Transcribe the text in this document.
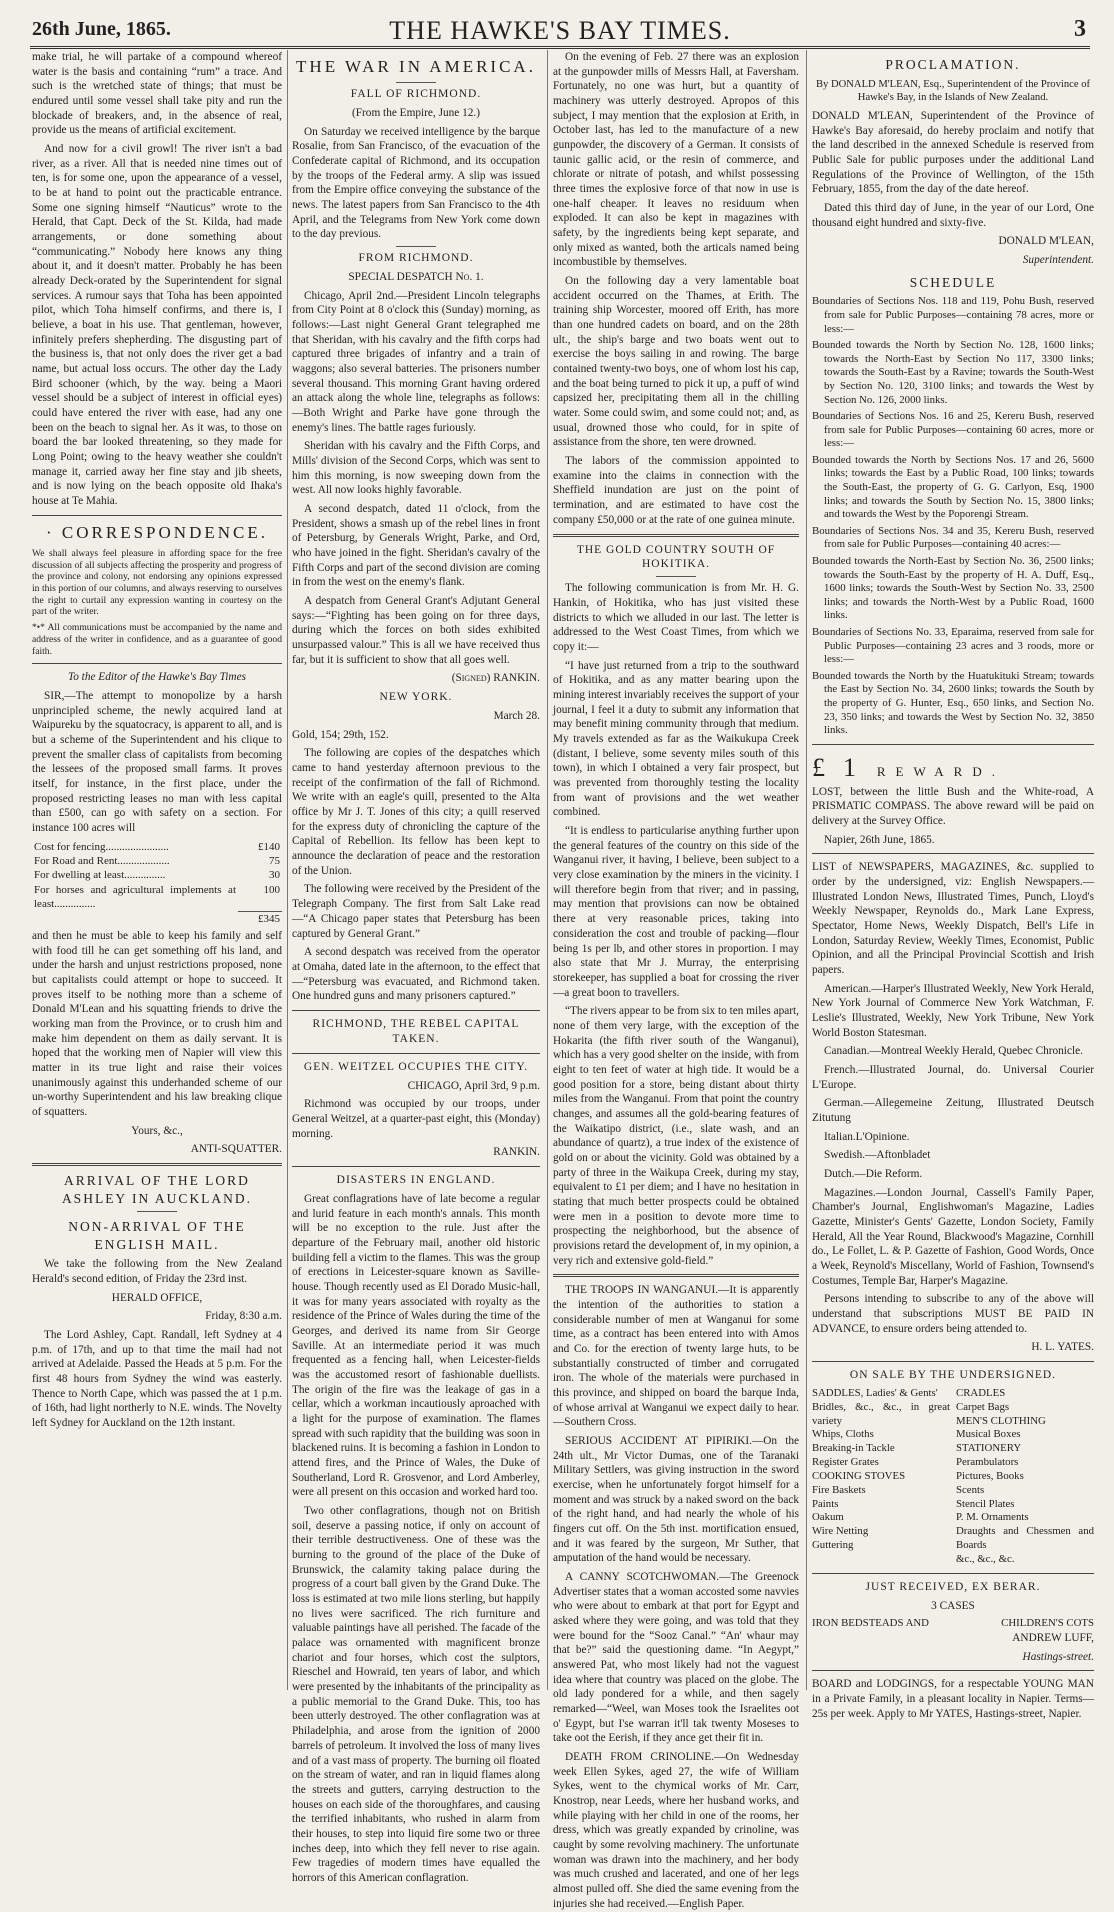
26th June, 1865.	THE HAWKE'S BAY TIMES.	3

make trial, he will partake of a compound whereof water is the basis and containing “rum” a trace. And such is the wretched state of things; that must be endured until some vessel shall take pity and run the blockade of breakers, and, in the absence of real, provide us the means of artificial excitement.

And now for a civil growl! The river isn't a bad river, as a river. All that is needed nine times out of ten, is for some one, upon the appearance of a vessel, to be at hand to point out the practicable entrance. Some one signing himself “Nauticus” wrote to the Herald, that Capt. Deck of the St. Kilda, had made arrangements, or done something about “communicating.” Nobody here knows any thing about it, and it doesn't matter. Probably he has been already Deck-orated by the Superintendent for signal services. A rumour says that Toha has been appointed pilot, which Toha himself confirms, and there is, I believe, a boat in his use. That gentleman, however, infinitely prefers shepherding. The disgusting part of the business is, that not only does the river get a bad name, but actual loss occurs. The other day the Lady Bird schooner (which, by the way. being a Maori vessel should be a subject of interest in official eyes) could have entered the river with ease, had any one been on the beach to signal her. As it was, to those on board the bar looked threatening, so they made for Long Point; owing to the heavy weather she couldn't manage it, carried away her fine stay and jib sheets, and is now lying on the beach opposite old Ihaka's house at Te Mahia.

· CORRESPONDENCE.

We shall always feel pleasure in affording space for the free discussion of all subjects affecting the prosperity and progress of the province and colony, not endorsing any opinions expressed in this portion of our columns, and always reserving to ourselves the right to curtail any expression wanting in courtesy on the part of the writer.

*•* All communications must be accompanied by the name and address of the writer in confidence, and as a guarantee of good faith.

To the Editor of the Hawke's Bay Times

SIR,—The attempt to monopolize by a harsh unprincipled scheme, the newly acquired land at Waipureku by the squatocracy, is apparent to all, and is but a scheme of the Superintendent and his clique to prevent the smaller class of capitalists from becoming the lessees of the proposed small farms. It proves itself, for instance, in the first place, under the proposed restricting leases no man with less capital than £500, can go with safety on a section. For instance 100 acres will

Cost for fencing.......................	£140
For Road and Rent...................	75
For dwelling at least...............	30
For horses and agricultural implements at least...............	100
	£345

and then he must be able to keep his family and self with food till he can get something off his land, and under the harsh and unjust restrictions proposed, none but capitalists could attempt or hope to succeed. It proves itself to be nothing more than a scheme of Donald M'Lean and his squatting friends to drive the working man from the Province, or to crush him and make him dependent on them as daily servant. It is hoped that the working men of Napier will view this matter in its true light and raise their voices unanimously against this underhanded scheme of our un-worthy Superintendent and his law breaking clique of squatters.

Yours, &c.,

ANTI-SQUATTER.

ARRIVAL OF THE LORD ASHLEY IN AUCKLAND.
NON-ARRIVAL OF THE ENGLISH MAIL.

We take the following from the New Zealand Herald's second edition, of Friday the 23rd inst.

HERALD OFFICE,

Friday, 8:30 a.m.

The Lord Ashley, Capt. Randall, left Sydney at 4 p.m. of 17th, and up to that time the mail had not arrived at Adelaide. Passed the Heads at 5 p.m. For the first 48 hours from Sydney the wind was easterly. Thence to North Cape, which was passed the at 1 p.m. of 16th, had light northerly to N.E. winds. The Novelty left Sydney for Auckland on the 12th instant.

THE WAR IN AMERICA.
FALL OF RICHMOND.

(From the Empire, June 12.)

On Saturday we received intelligence by the barque Rosalie, from San Francisco, of the evacuation of the Confederate capital of Richmond, and its occupation by the troops of the Federal army. A slip was issued from the Empire office conveying the substance of the news. The latest papers from San Francisco to the 4th April, and the Telegrams from New York come down to the day previous.

FROM RICHMOND.

SPECIAL DESPATCH No. 1.

Chicago, April 2nd.—President Lincoln telegraphs from City Point at 8 o'clock this (Sunday) morning, as follows:—Last night General Grant telegraphed me that Sheridan, with his cavalry and the fifth corps had captured three brigades of infantry and a train of waggons; also several batteries. The prisoners number several thousand. This morning Grant having ordered an attack along the whole line, telegraphs as follows:—Both Wright and Parke have gone through the enemy's lines. The battle rages furiously.

Sheridan with his cavalry and the Fifth Corps, and Mills' division of the Second Corps, which was sent to him this morning, is now sweeping down from the west. All now looks highly favorable.

A second despatch, dated 11 o'clock, from the President, shows a smash up of the rebel lines in front of Petersburg, by Generals Wright, Parke, and Ord, who have joined in the fight. Sheridan's cavalry of the Fifth Corps and part of the second division are coming in from the west on the enemy's flank.

A despatch from General Grant's Adjutant General says:—“Fighting has been going on for three days, during which the forces on both sides exhibited unsurpassed valour.” This is all we have received thus far, but it is sufficient to show that all goes well.

(Signed) RANKIN.

NEW YORK.

March 28.

Gold, 154; 29th, 152.

The following are copies of the despatches which came to hand yesterday afternoon previous to the receipt of the confirmation of the fall of Richmond. We write with an eagle's quill, presented to the Alta office by Mr J. T. Jones of this city; a quill reserved for the express duty of chronicling the capture of the Capital of Rebellion. Its fellow has been kept to announce the declaration of peace and the restoration of the Union.

The following were received by the President of the Telegraph Company. The first from Salt Lake read—“A Chicago paper states that Petersburg has been captured by General Grant.”

A second despatch was received from the operator at Omaha, dated late in the afternoon, to the effect that—“Petersburg was evacuated, and Richmond taken. One hundred guns and many prisoners captured.”

RICHMOND, THE REBEL CAPITAL TAKEN.
GEN. WEITZEL OCCUPIES THE CITY.

CHICAGO, April 3rd, 9 p.m.

Richmond was occupied by our troops, under General Weitzel, at a quarter-past eight, this (Monday) morning.

RANKIN.

DISASTERS IN ENGLAND.

Great conflagrations have of late become a regular and lurid feature in each month's annals. This month will be no exception to the rule. Just after the departure of the February mail, another old historic building fell a victim to the flames. This was the group of erections in Leicester-square known as Saville-house. Though recently used as El Dorado Music-hall, it was for many years associated with royalty as the residence of the Prince of Wales during the time of the Georges, and derived its name from Sir George Saville. At an intermediate period it was much frequented as a fencing hall, when Leicester-fields was the accustomed resort of fashionable duellists. The origin of the fire was the leakage of gas in a cellar, which a workman incautiously aproached with a light for the purpose of examination. The flames spread with such rapidity that the building was soon in blackened ruins. It is becoming a fashion in London to attend fires, and the Prince of Wales, the Duke of Southerland, Lord R. Grosvenor, and Lord Amberley, were all present on this occasion and worked hard too.

Two other conflagrations, though not on British soil, deserve a passing notice, if only on account of their terrible destructiveness. One of these was the burning to the ground of the place of the Duke of Brunswick, the calamity taking palace during the progress of a court ball given by the Grand Duke. The loss is estimated at two mile lions sterling, but happily no lives were sacrificed. The rich furniture and valuable paintings have all perished. The facade of the palace was ornamented with magnificent bronze chariot and four horses, which cost the sulptors, Rieschel and Howraid, ten years of labor, and which were presented by the inhabitants of the principality as a public memorial to the Grand Duke. This, too has been utterly destroyed. The other conflagration was at Philadelphia, and arose from the ignition of 2000 barrels of petroleum. It involved the loss of many lives and of a vast mass of property. The burning oil floated on the stream of water, and ran in liquid flames along the streets and gutters, carrying destruction to the houses on each side of the thoroughfares, and causing the terrified inhabitants, who rushed in alarm from their houses, to step into liquid fire some two or three inches deep, into which they fell never to rise again. Few tragedies of modern times have equalled the horrors of this American conflagration.

On the evening of Feb. 27 there was an explosion at the gunpowder mills of Messrs Hall, at Faversham. Fortunately, no one was hurt, but a quantity of machinery was utterly destroyed. Apropos of this subject, I may mention that the explosion at Erith, in October last, has led to the manufacture of a new gunpowder, the discovery of a German. It consists of taunic gallic acid, or the resin of commerce, and chlorate or nitrate of potash, and whilst possessing three times the explosive force of that now in use is one-half cheaper. It leaves no residuum when exploded. It can also be kept in magazines with safety, by the ingredients being kept separate, and only mixed as wanted, both the articals named being incombustible by themselves.

On the following day a very lamentable boat accident occurred on the Thames, at Erith. The training ship Worcester, moored off Erith, has more than one hundred cadets on board, and on the 28th ult., the ship's barge and two boats went out to exercise the boys sailing in and rowing. The barge contained twenty-two boys, one of whom lost his cap, and the boat being turned to pick it up, a puff of wind capsized her, precipitating them all in the chilling water. Some could swim, and some could not; and, as usual, drowned those who could, for in spite of assistance from the shore, ten were drowned.

The labors of the commission appointed to examine into the claims in connection with the Sheffield inundation are just on the point of termination, and are estimated to have cost the company £50,000 or at the rate of one guinea minute.

THE GOLD COUNTRY SOUTH OF HOKITIKA.

The following communication is from Mr. H. G. Hankin, of Hokitika, who has just visited these districts to which we alluded in our last. The letter is addressed to the West Coast Times, from which we copy it:—

“I have just returned from a trip to the southward of Hokitika, and as any matter bearing upon the mining interest invariably receives the support of your journal, I feel it a duty to submit any information that may benefit mining community through that medium. My travels extended as far as the Waikukupa Creek (distant, I believe, some seventy miles south of this town), in which I obtained a very fair prospect, but was prevented from thoroughly testing the locality from want of provisions and the wet weather combined.

“It is endless to particularise anything further upon the general features of the country on this side of the Wanganui river, it having, I believe, been subject to a very close examination by the miners in the vicinity. I will therefore begin from that river; and in passing, may mention that provisions can now be obtained there at very reasonable prices, taking into consideration the cost and trouble of packing—flour being 1s per lb, and other stores in proportion. I may also state that Mr J. Murray, the enterprising storekeeper, has supplied a boat for crossing the river—a great boon to travellers.

“The rivers appear to be from six to ten miles apart, none of them very large, with the exception of the Hokarita (the fifth river south of the Wanganui), which has a very good shelter on the inside, with from eight to ten feet of water at high tide. It would be a good position for a store, being distant about thirty miles from the Wanganui. From that point the country changes, and assumes all the gold-bearing features of the Waikatipo district, (i.e., slate wash, and an abundance of quartz), a true index of the existence of gold on or about the vicinity. Gold was obtained by a party of three in the Waikupa Creek, during my stay, equivalent to £1 per diem; and I have no hesitation in stating that much better prospects could be obtained were men in a position to devote more time to prospecting the neighborhood, but the absence of provisions retard the development of, in my opinion, a very rich and extensive gold-field.”

THE TROOPS IN WANGANUI.—It is apparently the intention of the authorities to station a considerable number of men at Wanganui for some time, as a contract has been entered into with Amos and Co. for the erection of twenty large huts, to be substantially constructed of timber and corrugated iron. The whole of the materials were purchased in this province, and shipped on board the barque Inda, of whose arrival at Wanganui we expect daily to hear.—Southern Cross.

SERIOUS ACCIDENT AT PIPIRIKI.—On the 24th ult., Mr Victor Dumas, one of the Taranaki Military Settlers, was giving instruction in the sword exercise, when he unfortunately forgot himself for a moment and was struck by a naked sword on the back of the right hand, and had nearly the whole of his fingers cut off. On the 5th inst. mortification ensued, and it was feared by the surgeon, Mr Suther, that amputation of the hand would be necessary.

A CANNY SCOTCHWOMAN.—The Greenock Advertiser states that a woman accosted some navvies who were about to embark at that port for Egypt and asked where they were going, and was told that they were bound for the “Sooz Canal.” “An' whaur may that be?” said the questioning dame. “In Aegypt,” answered Pat, who most likely had not the vaguest idea where that country was placed on the globe. The old lady pondered for a while, and then sagely remarked—“Weel, wan Moses took the Israelites oot o' Egypt, but I'se warran it'll tak twenty Moseses to take oot the Eerish, if they ance get their fit in.

DEATH FROM CRINOLINE.—On Wednesday week Ellen Sykes, aged 27, the wife of William Sykes, went to the chymical works of Mr. Carr, Knostrop, near Leeds, where her husband works, and while playing with her child in one of the rooms, her dress, which was greatly expanded by crinoline, was caught by some revolving machinery. The unfortunate woman was drawn into the machinery, and her body was much crushed and lacerated, and one of her legs almost pulled off. She died the same evening from the injuries she had received.—English Paper.

PROCLAMATION.

By DONALD M'LEAN, Esq., Superintendent of the Province of Hawke's Bay, in the Islands of New Zealand.

DONALD M'LEAN, Superintendent of the Province of Hawke's Bay aforesaid, do hereby proclaim and notify that the land described in the annexed Schedule is reserved from Public Sale for public purposes under the additional Land Regulations of the Province of Wellington, of the 15th February, 1855, from the day of the date hereof.

Dated this third day of June, in the year of our Lord, One thousand eight hundred and sixty-five.

DONALD M'LEAN,

Superintendent.

SCHEDULE
Boundaries of Sections Nos. 118 and 119, Pohu Bush, reserved from sale for Public Purposes—containing 78 acres, more or less:—
Bounded towards the North by Section No. 128, 1600 links; towards the North-East by Section No 117, 3300 links; towards the South-East by a Ravine; towards the South-West by Section No. 120, 3100 links; and towards the West by Section No. 126, 2000 links.
Boundaries of Sections Nos. 16 and 25, Kereru Bush, reserved from sale for Public Purposes—containing 60 acres, more or less:—
Bounded towards the North by Sections Nos. 17 and 26, 5600 links; towards the East by a Public Road, 100 links; towards the South-East, the property of G. G. Carlyon, Esq, 1900 links; and towards the South by Section No. 15, 3800 links; and towards the West by the Poporengi Stream.
Boundaries of Sections Nos. 34 and 35, Kereru Bush, reserved from sale for Public Purposes—containing 40 acres:—
Bounded towards the North-East by Section No. 36, 2500 links; towards the South-East by the property of H. A. Duff, Esq., 1600 links; towards the South-West by Section No. 33, 2500 links; and towards the North-West by a Public Road, 1600 links.
Boundaries of Sections No. 33, Eparaima, reserved from sale for Public Purposes—containing 23 acres and 3 roods, more or less:—
Bounded towards the North by the Huatukituki Stream; towards the East by Section No. 34, 2600 links; towards the South by the property of G. Hunter, Esq., 650 links, and Section No. 23, 350 links; and towards the West by Section No. 32, 3850 links.
£1 REWARD.

LOST, between the little Bush and the White-road, A PRISMATIC COMPASS. The above reward will be paid on delivery at the Survey Office.

Napier, 26th June, 1865.

LIST of NEWSPAPERS, MAGAZINES, &c. supplied to order by the undersigned, viz: English Newspapers.—Illustrated London News, Illustrated Times, Punch, Lloyd's Weekly Newspaper, Reynolds do., Mark Lane Express, Spectator, Home News, Weekly Dispatch, Bell's Life in London, Saturday Review, Weekly Times, Economist, Public Opinion, and all the Principal Provincial Scottish and Irish papers.

American.—Harper's Illustrated Weekly, New York Herald, New York Journal of Commerce New York Watchman, F. Leslie's Illustrated, Weekly, New York Tribune, New York World Boston Statesman.

Canadian.—Montreal Weekly Herald, Quebec Chronicle.

French.—Illustrated Journal, do. Universal Courier L'Europe.

German.—Allegemeine Zeitung, Illustrated Deutsch Zitutung

Italian.L'Opinione.

Swedish.—Aftonbladet

Dutch.—Die Reform.

Magazines.—London Journal, Cassell's Family Paper, Chamber's Journal, Englishwoman's Magazine, Ladies Gazette, Minister's Gents' Gazette, London Society, Family Herald, All the Year Round, Blackwood's Magazine, Cornhill do., Le Follet, L. & P. Gazette of Fashion, Good Words, Once a Week, Reynold's Miscellany, World of Fashion, Townsend's Costumes, Temple Bar, Harper's Magazine.

Persons intending to subscribe to any of the above will understand that subscriptions MUST BE PAID IN ADVANCE, to ensure orders being attended to.

H. L. YATES.

ON SALE BY THE UNDERSIGNED.
SADDLES, Ladies' & Gents'
Bridles, &c., &c., in great variety
Whips, Cloths
Breaking-in Tackle
Register Grates
COOKING STOVES
Fire Baskets
Paints
Oakum
Wire Netting
Guttering
CRADLES
Carpet Bags
MEN'S CLOTHING
Musical Boxes
STATIONERY
Perambulators
Pictures, Books
Scents
Stencil Plates
P. M. Ornaments
Draughts and Chessmen and Boards
&c., &c., &c.
JUST RECEIVED, EX BERAR.

3 CASES

IRON BEDSTEADS AND	CHILDREN'S COTS

ANDREW LUFF,

Hastings-street.

BOARD and LODGINGS, for a respectable YOUNG MAN in a Private Family, in a pleasant locality in Napier. Terms—25s per week. Apply to Mr YATES, Hastings-street, Napier.
